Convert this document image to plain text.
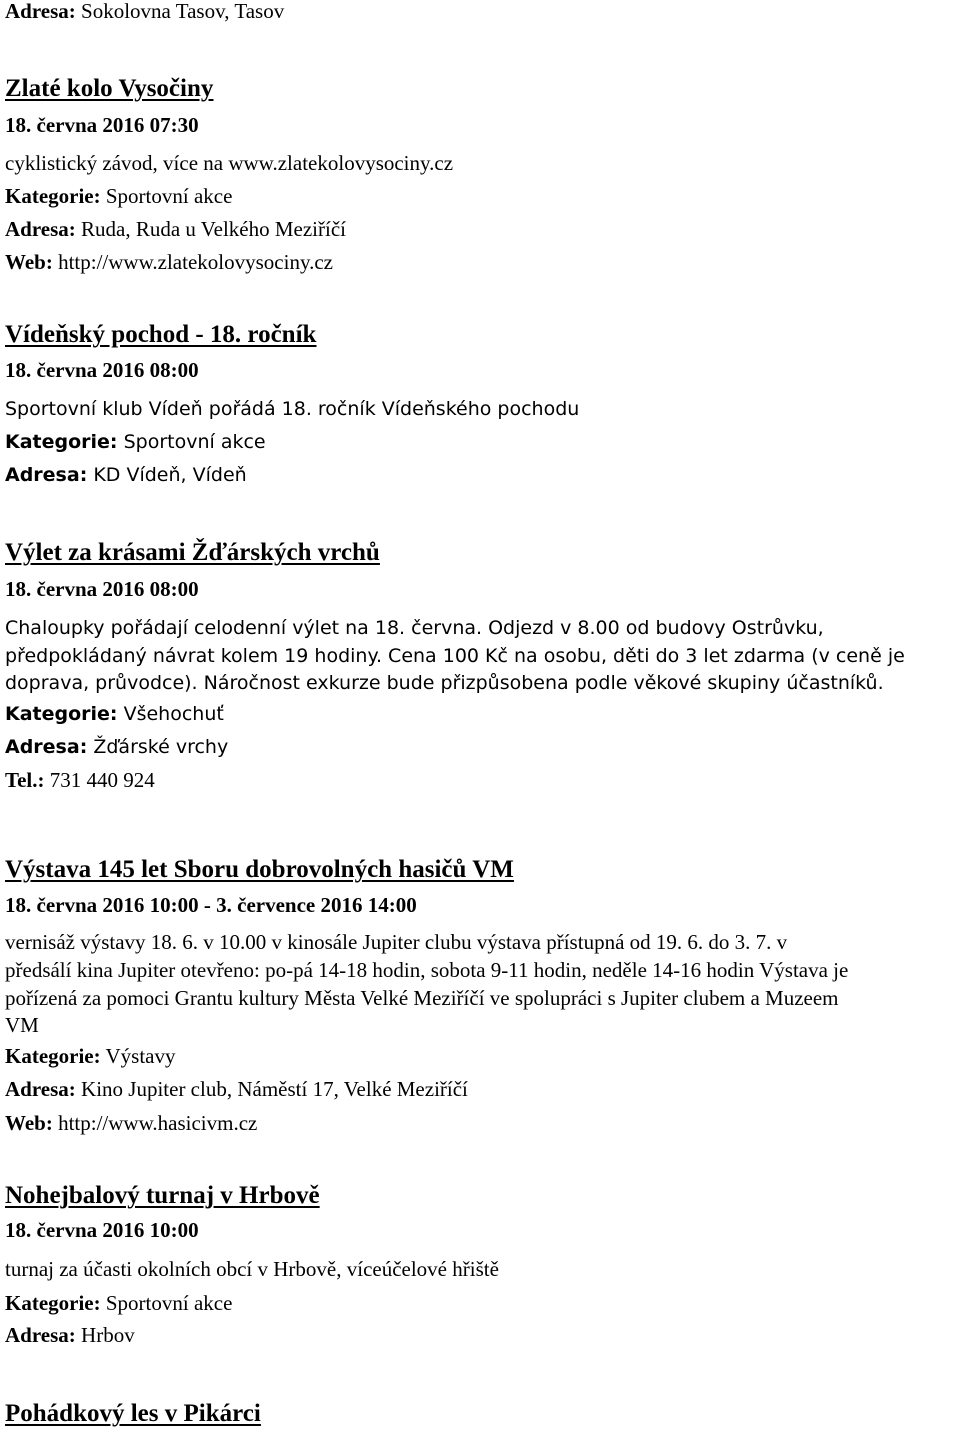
Adresa: Sokolovna Tasov, Tasov
Zlaté kolo Vysočiny
18. června 2016 07:30
cyklistický závod, více na www.zlatekolovysociny.cz
Kategorie: Sportovní akce
Adresa: Ruda, Ruda u Velkého Meziříčí
Web: http://www.zlatekolovysociny.cz
Vídeňský pochod - 18. ročník
18. června 2016 08:00
Sportovní klub Vídeň pořádá 18. ročník Vídeňského pochodu
Kategorie: Sportovní akce
Adresa: KD Vídeň, Vídeň
Výlet za krásami Žďárských vrchů
18. června 2016 08:00
Chaloupky pořádají celodenní výlet na 18. června. Odjezd v 8.00 od budovy Ostrůvku,
předpokládaný návrat kolem 19 hodiny. Cena 100 Kč na osobu, děti do 3 let zdarma (v ceně je
doprava, průvodce). Náročnost exkurze bude přizpůsobena podle věkové skupiny účastníků.
Kategorie: Všehochuť
Adresa: Žďárské vrchy
Tel.: 731 440 924
Výstava 145 let Sboru dobrovolných hasičů VM
18. června 2016 10:00 - 3. července 2016 14:00
vernisáž výstavy 18. 6. v 10.00 v kinosále Jupiter clubu výstava přístupná od 19. 6. do 3. 7. v
předsálí kina Jupiter otevřeno: po-pá 14-18 hodin, sobota 9-11 hodin, neděle 14-16 hodin Výstava je
pořízená za pomoci Grantu kultury Města Velké Meziříčí ve spolupráci s Jupiter clubem a Muzeem
VM
Kategorie: Výstavy
Adresa: Kino Jupiter club, Náměstí 17, Velké Meziříčí
Web: http://www.hasicivm.cz
Nohejbalový turnaj v Hrbově
18. června 2016 10:00
turnaj za účasti okolních obcí v Hrbově, víceúčelové hřiště
Kategorie: Sportovní akce
Adresa: Hrbov
Pohádkový les v Pikárci
